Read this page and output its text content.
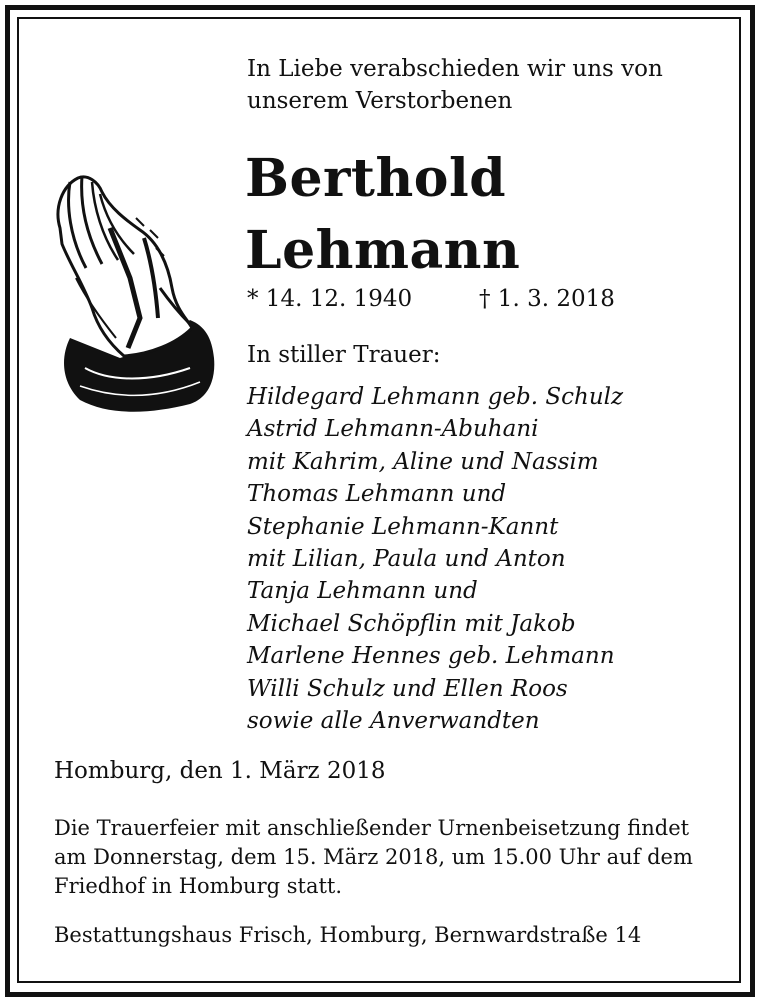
In Liebe verabschieden wir uns von
unserem Verstorbenen
Berthold
Lehmann
* 14. 12. 1940	† 1. 3. 2018
In stiller Trauer:
Hildegard Lehmann geb. Schulz
Astrid Lehmann-Abuhani
mit Kahrim, Aline und Nassim
Thomas Lehmann und
Stephanie Lehmann-Kannt
mit Lilian, Paula und Anton
Tanja Lehmann und
Michael Schöpflin mit Jakob
Marlene Hennes geb. Lehmann
Willi Schulz und Ellen Roos
sowie alle Anverwandten
Homburg, den 1. März 2018
Die Trauerfeier mit anschließender Urnenbeisetzung findet
am Donnerstag, dem 15. März 2018, um 15.00 Uhr auf dem
Friedhof in Homburg statt.
Bestattungshaus Frisch, Homburg, Bernwardstraße 14
